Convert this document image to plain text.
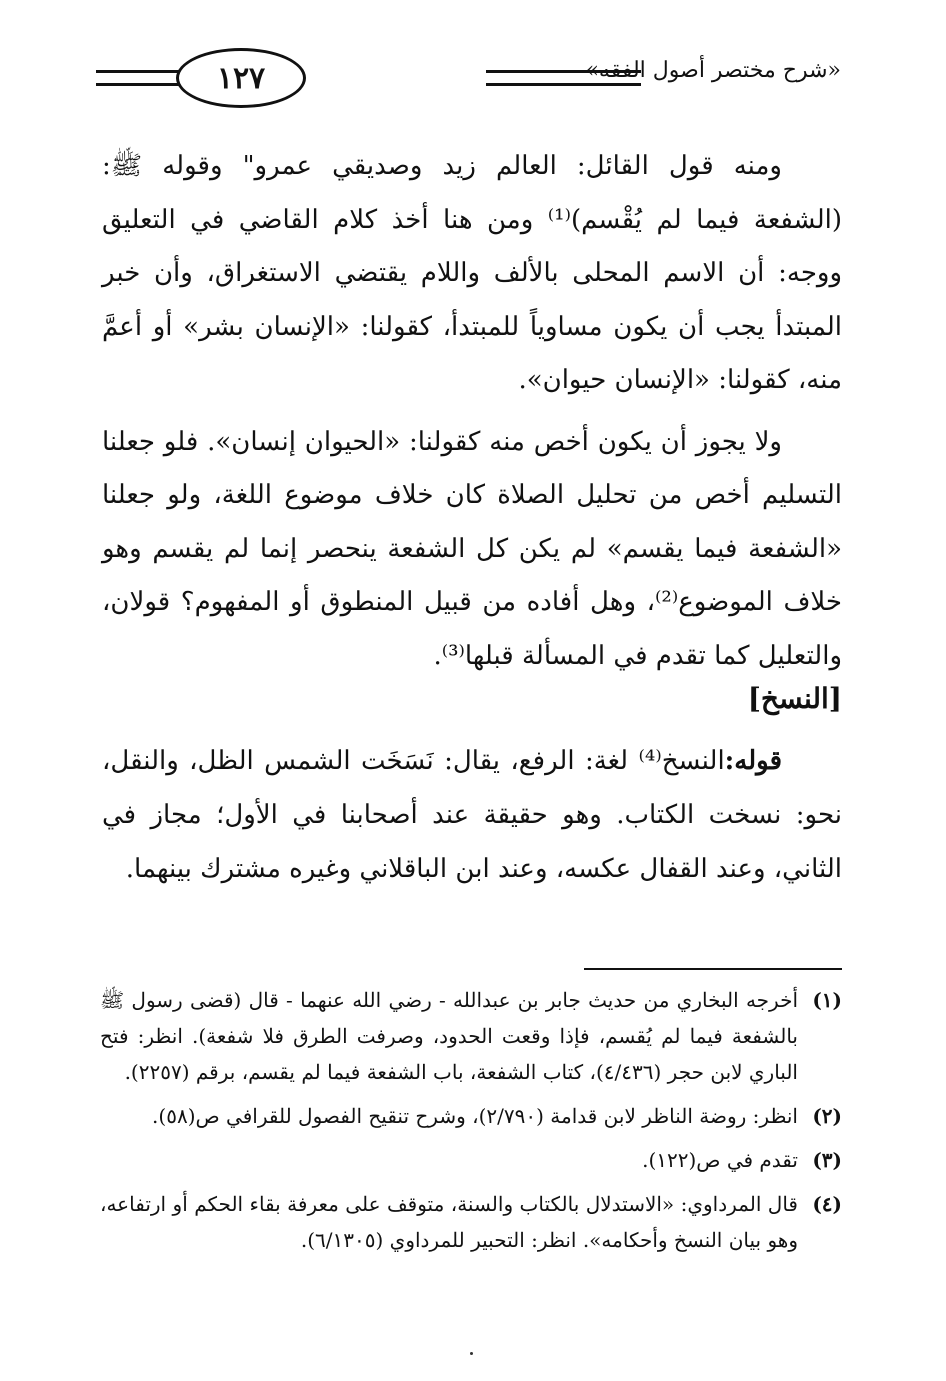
١٢٧	«شرح مختصر أصول الفقه»

ومنه قول القائل: العالم زيد وصديقي عمرو" وقوله ﷺ: (الشفعة فيما لم يُقْسم)⁽¹⁾ ومن هنا أخذ كلام القاضي في التعليق ووجه: أن الاسم المحلى بالألف واللام يقتضي الاستغراق، وأن خبر المبتدأ يجب أن يكون مساوياً للمبتدأ، كقولنا: «الإنسان بشر» أو أعمَّ منه، كقولنا: «الإنسان حيوان».

ولا يجوز أن يكون أخص منه كقولنا: «الحيوان إنسان». فلو جعلنا التسليم أخص من تحليل الصلاة كان خلاف موضوع اللغة، ولو جعلنا «الشفعة فيما يقسم» لم يكن كل الشفعة ينحصر إنما لم يقسم وهو خلاف الموضوع⁽²⁾، وهل أفاده من قبيل المنطوق أو المفهوم؟ قولان، والتعليل كما تقدم في المسألة قبلها⁽³⁾.

[النسخ]

قوله:النسخ⁽⁴⁾ لغة: الرفع، يقال: نَسَخَت الشمس الظل، والنقل، نحو: نسخت الكتاب. وهو حقيقة عند أصحابنا في الأول؛ مجاز في الثاني، وعند القفال عكسه، وعند ابن الباقلاني وغيره مشترك بينهما.

(١)
أخرجه البخاري من حديث جابر بن عبدالله - رضي الله عنهما - قال (قضى رسول ﷺ بالشفعة فيما لم يُقسم، فإذا وقعت الحدود، وصرفت الطرق فلا شفعة). انظر: فتح الباري لابن حجر (٤/٤٣٦)، كتاب الشفعة، باب الشفعة فيما لم يقسم، برقم (٢٢٥٧).
(٢)
انظر: روضة الناظر لابن قدامة (٢/٧٩٠)، وشرح تنقيح الفصول للقرافي ص(٥٨).
(٣)
تقدم في ص(١٢٢).
(٤)
قال المرداوي: «الاستدلال بالكتاب والسنة، متوقف على معرفة بقاء الحكم أو ارتفاعه، وهو بيان النسخ وأحكامه». انظر: التحبير للمرداوي (٦/١٣٠٥).
